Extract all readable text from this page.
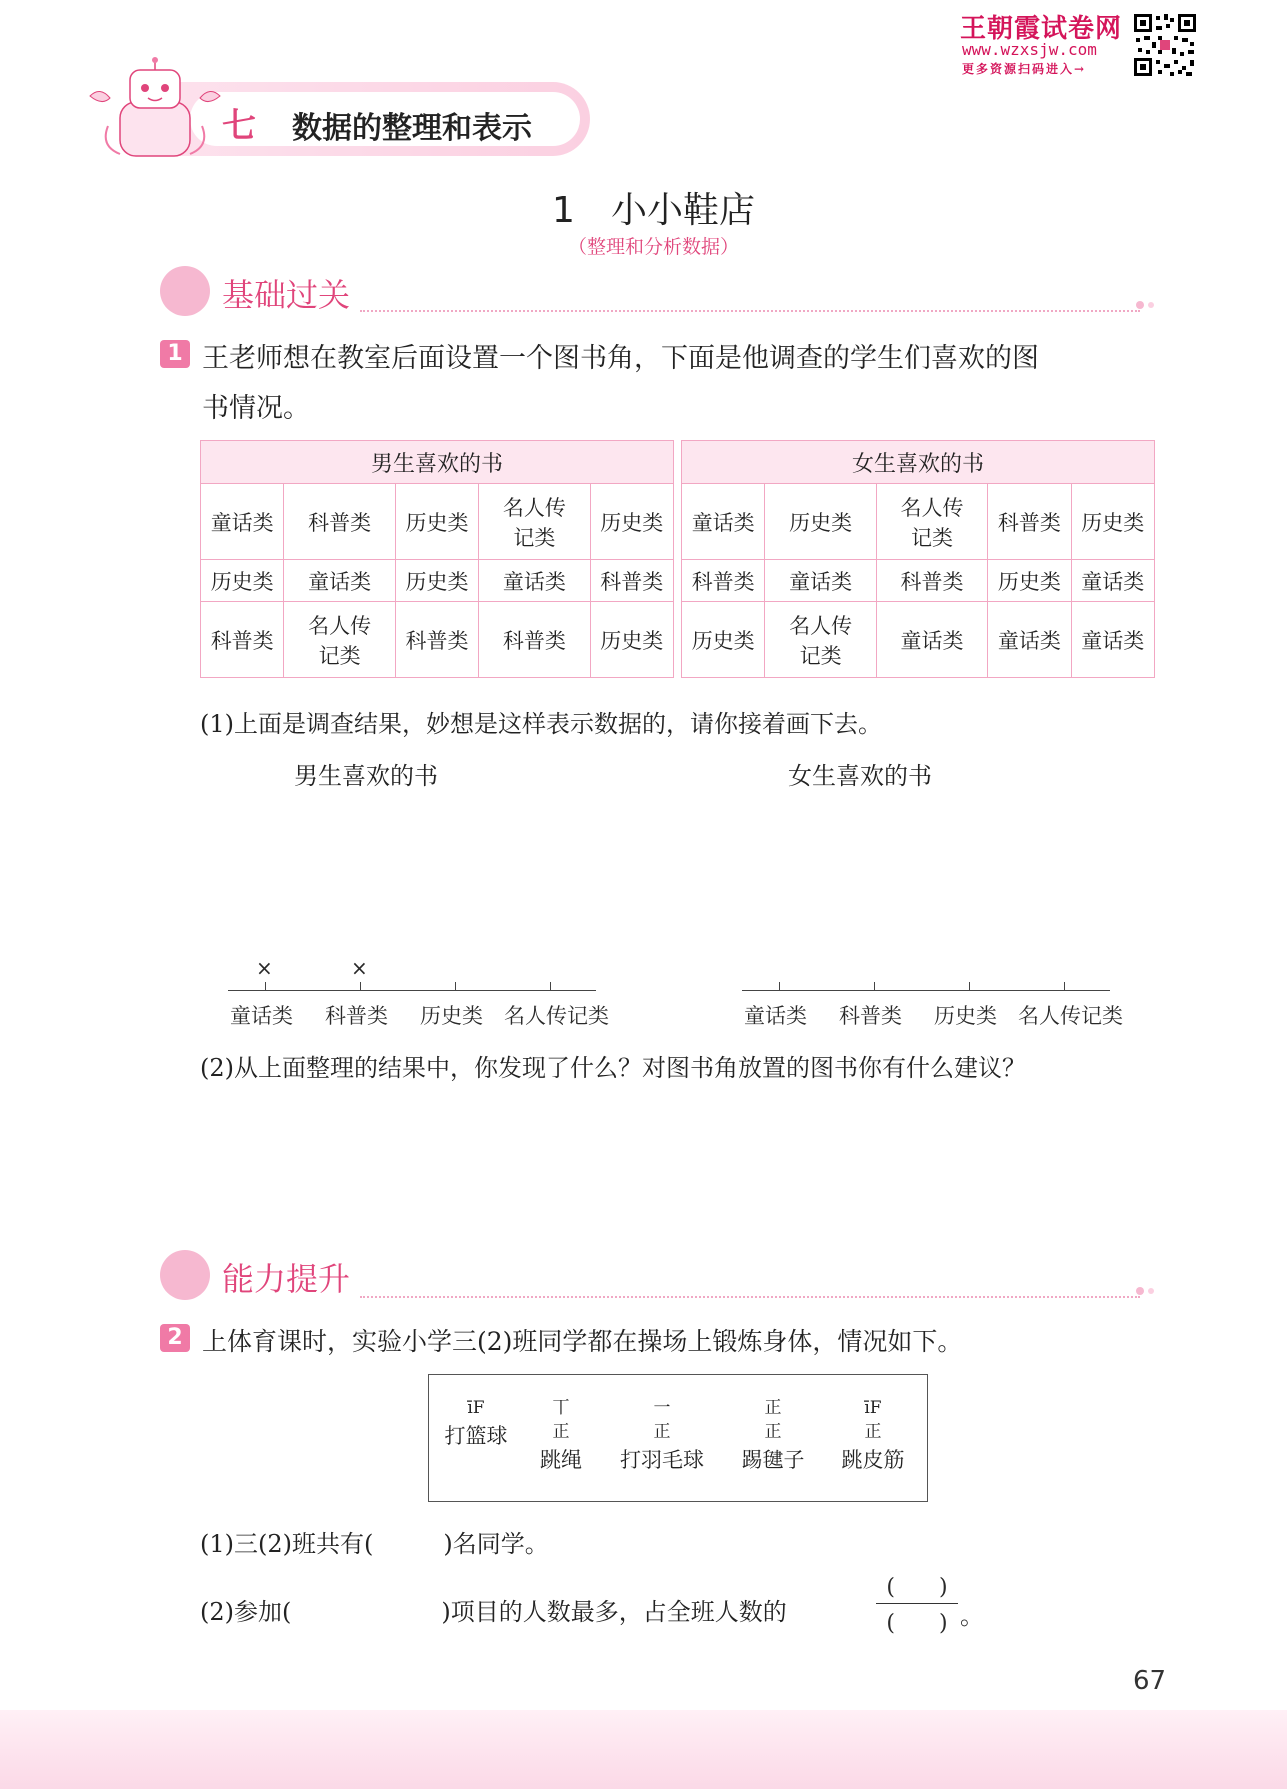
王朝霞试卷网
www.wzxsjw.com
更多资源扫码进入→
七 数据的整理和表示
1　小小鞋店
（整理和分析数据）
基础过关
1 王老师想在教室后面设置一个图书角，下面是他调查的学生们喜欢的图
书情况。
男生喜欢的书				
童话类	科普类	历史类	名人传记类	历史类
历史类	童话类	历史类	童话类	科普类
科普类	名人传记类	科普类	科普类	历史类
女生喜欢的书				
童话类	历史类	名人传记类	科普类	历史类
科普类	童话类	科普类	历史类	童话类
历史类	名人传记类	童话类	童话类	童话类
(1)上面是调查结果，妙想是这样表示数据的，请你接着画下去。
男生喜欢的书
×	×
童话类 科普类 历史类 名人传记类
女生喜欢的书
童话类 科普类 历史类 名人传记类
(2)从上面整理的结果中，你发现了什么？对图书角放置的图书你有什么建议？
能力提升
2 上体育课时，实验小学三(2)班同学都在操场上锻炼身体，情况如下。
īF
打篮球
丅
正
跳绳
一
正
打羽毛球
正
正
踢毽子
īF
正
跳皮筋
(1)三(2)班共有(	)名同学。
(2)参加(	)项目的人数最多，占全班人数的
(　　)
(　　) 。
67
